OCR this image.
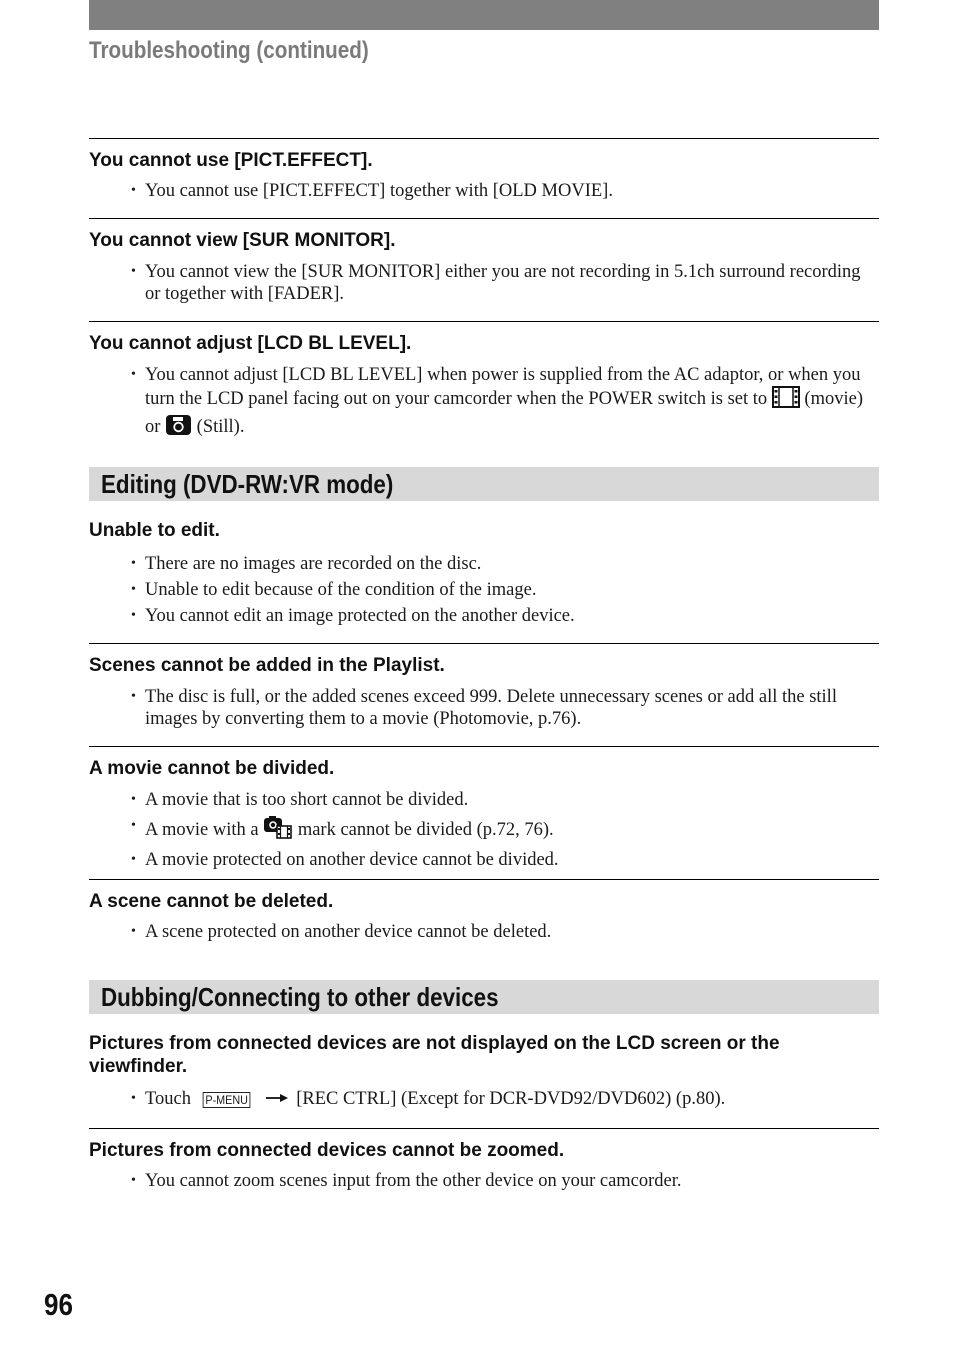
Troubleshooting (continued)

You cannot use [PICT.EFFECT].

• You cannot use [PICT.EFFECT] together with [OLD MOVIE].

You cannot view [SUR MONITOR].

• You cannot view the [SUR MONITOR] either you are not recording in 5.1ch surround recording or together with [FADER].

You cannot adjust [LCD BL LEVEL].

• You cannot adjust [LCD BL LEVEL] when power is supplied from the AC adaptor, or when you turn the LCD panel facing out on your camcorder when the POWER switch is set to (movie) or (Still).
Editing (DVD-RW:VR mode)

Unable to edit.

• There are no images are recorded on the disc.
• Unable to edit because of the condition of the image.
• You cannot edit an image protected on the another device.

Scenes cannot be added in the Playlist.

• The disc is full, or the added scenes exceed 999. Delete unnecessary scenes or add all the still images by converting them to a movie (Photomovie, p.76).

A movie cannot be divided.

• A movie that is too short cannot be divided.
• A movie with a mark cannot be divided (p.72, 76).
• A movie protected on another device cannot be divided.

A scene cannot be deleted.

• A scene protected on another device cannot be deleted.
Dubbing/Connecting to other devices

Pictures from connected devices are not displayed on the LCD screen or the viewfinder.

• Touch P-MENU	[REC CTRL] (Except for DCR-DVD92/DVD602) (p.80).

Pictures from connected devices cannot be zoomed.

• You cannot zoom scenes input from the other device on your camcorder.

96
